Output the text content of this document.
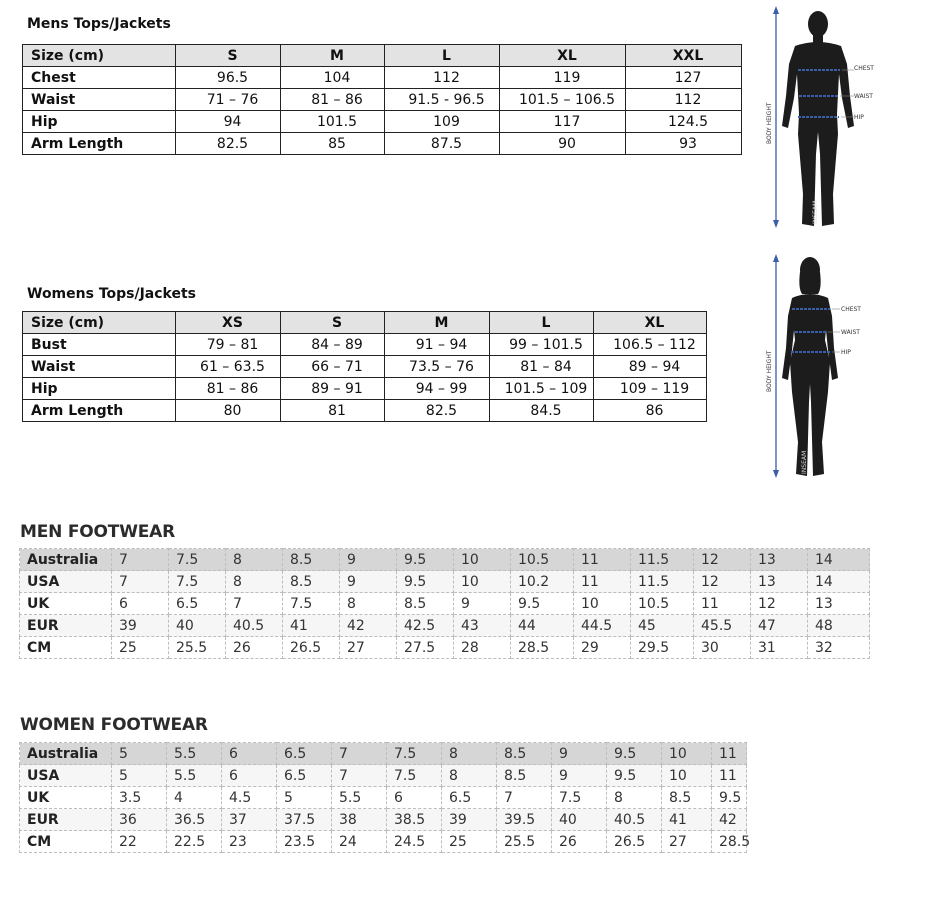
Mens Tops/Jackets
Size (cm)	S	M	L	XL	XXL
Chest	96.5	104	112	119	127
Waist	71 – 76	81 – 86	91.5 - 96.5	101.5 – 106.5	112
Hip	94	101.5	109	117	124.5
Arm Length	82.5	85	87.5	90	93
Womens Tops/Jackets
Size (cm)	XS	S	M	L	XL
Bust	79 – 81	84 – 89	91 – 94	99 – 101.5	106.5 – 112
Waist	61 – 63.5	66 – 71	73.5 – 76	81 – 84	89 – 94
Hip	81 – 86	89 – 91	94 – 99	101.5 – 109	109 – 119
Arm Length	80	81	82.5	84.5	86
MEN FOOTWEAR
Australia	7	7.5	8	8.5	9	9.5	10	10.5	11	11.5	12	13	14
USA	7	7.5	8	8.5	9	9.5	10	10.2	11	11.5	12	13	14
UK	6	6.5	7	7.5	8	8.5	9	9.5	10	10.5	11	12	13
EUR	39	40	40.5	41	42	42.5	43	44	44.5	45	45.5	47	48
CM	25	25.5	26	26.5	27	27.5	28	28.5	29	29.5	30	31	32
WOMEN FOOTWEAR
Australia	5	5.5	6	6.5	7	7.5	8	8.5	9	9.5	10	11
USA	5	5.5	6	6.5	7	7.5	8	8.5	9	9.5	10	11
UK	3.5	4	4.5	5	5.5	6	6.5	7	7.5	8	8.5	9.5
EUR	36	36.5	37	37.5	38	38.5	39	39.5	40	40.5	41	42
CM	22	22.5	23	23.5	24	24.5	25	25.5	26	26.5	27	28.5
BODY HEIGHT
CHEST
WAIST
HIP
INSEAM
BODY HEIGHT
CHEST
WAIST
HIP
INSEAM
